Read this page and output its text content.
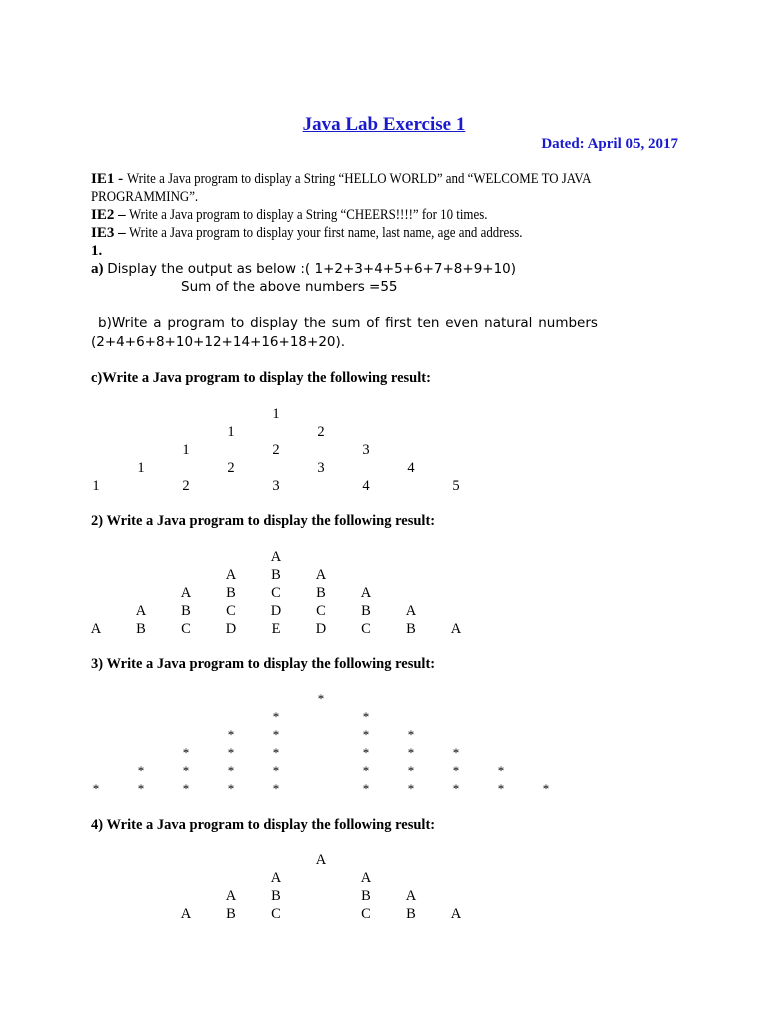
Java Lab Exercise 1
Dated: April 05, 2017
IE1 - Write a Java program to display a String “HELLO WORLD” and “WELCOME TO JAVA
PROGRAMMING”.
IE2 – Write a Java program to display a String “CHEERS!!!!” for 10 times.
IE3 – Write a Java program to display your first name, last name, age and address.
1.
a) Display the output as below :( 1+2+3+4+5+6+7+8+9+10)
Sum of the above numbers =55
b)Write a program to display the sum of first ten even natural numbers
(2+4+6+8+10+12+14+16+18+20).
c)Write a Java program to display the following result:
1
1	2
1	2	3
1	2	3	4
1	2	3	4	5
2) Write a Java program to display the following result:
A
A B A
A B C B A
A B C D C B A
A B C D E D C B A
3) Write a Java program to display the following result:
*
*	*
*	*	*	*
*	*	*	*	*	*
*	*	*	*	*	*	*	*
*	*	*	*	*	*	*	*	*	*
4) Write a Java program to display the following result:
A
A	A
A B	B A
A B C	C B A
